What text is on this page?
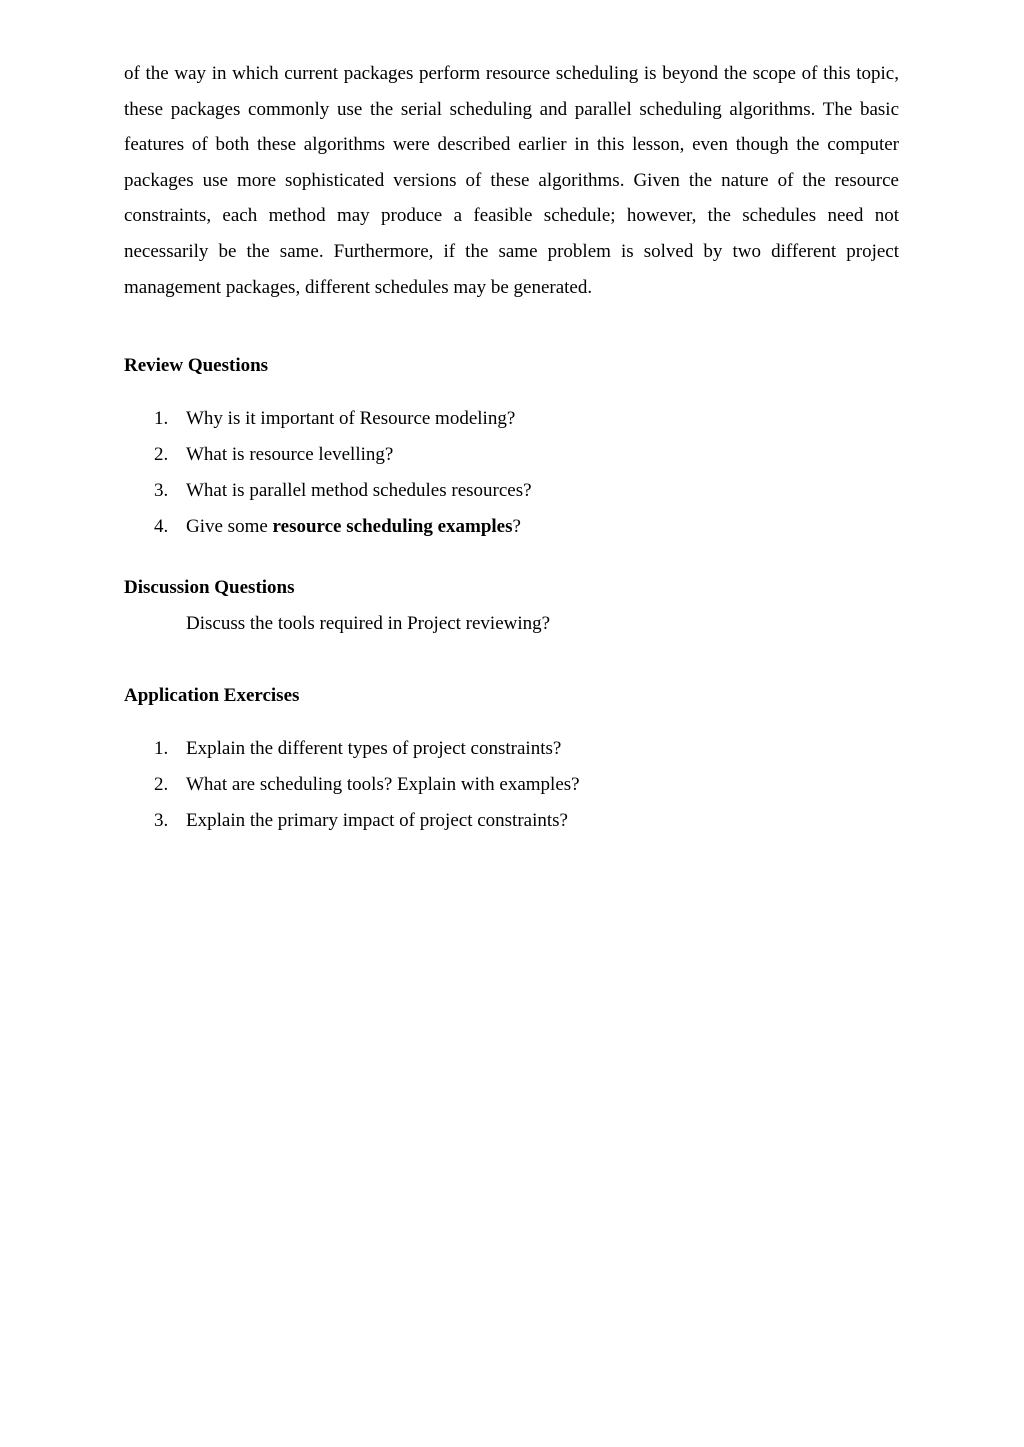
of the way in which current packages perform resource scheduling is beyond the scope of this topic, these packages commonly use the serial scheduling and parallel scheduling algorithms. The basic features of both these algorithms were described earlier in this lesson, even though the computer packages use more sophisticated versions of these algorithms. Given the nature of the resource constraints, each method may produce a feasible schedule; however, the schedules need not necessarily be the same. Furthermore, if the same problem is solved by two different project management packages, different schedules may be generated.

Review Questions
1. Why is it important of Resource modeling?
2. What is resource levelling?
3. What is parallel method schedules resources?
4. Give some resource scheduling examples?
Discussion Questions

Discuss the tools required in Project reviewing?

Application Exercises
1. Explain the different types of project constraints?
2. What are scheduling tools? Explain with examples?
3. Explain the primary impact of project constraints?
